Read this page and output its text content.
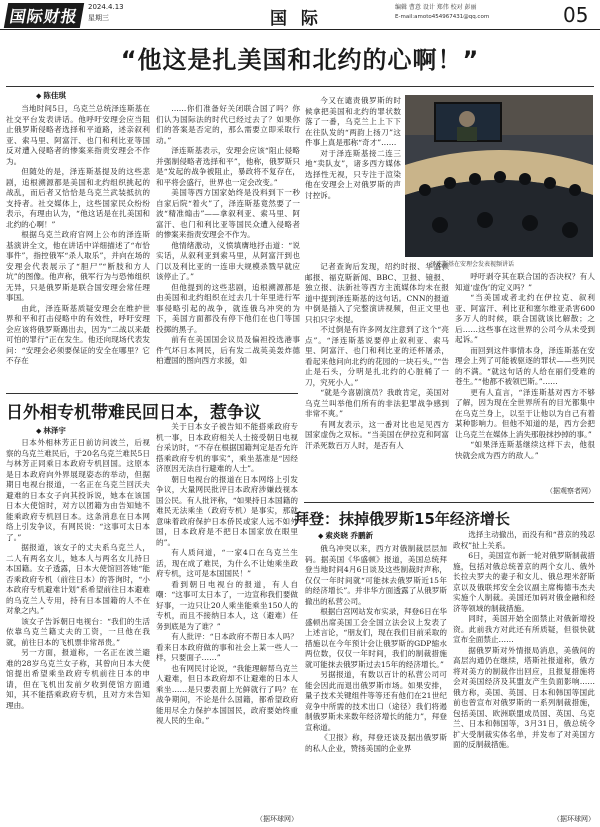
国际财报	2024.4.13
星期三	国 际
编辑 曹意 设计 郑伟 校对 彭丽
E-mail:amoto454967431@qq.com	05
“他这是扎美国和北约的心啊！”
◆ 陈佳琪

当地时间5日，乌克兰总统泽连斯基在社交平台发表讲话。他呼吁安理会应当阻止俄罗斯侵略者选择和平道路，述亲叙利亚、索马里、阿富汗、也门和利比亚等国反对遭入侵略者的惨案来指责安理会不作为。

但随处的是，泽连斯基提及的这些悲剧，追根溯源都是美国和北约组织挑起的战乱，而后者又恰恰是乌克兰武装抵抗的支持者。社交媒体上，这些国家民众纷纷表示，有理由认为，“他这话是在扎美国和北约的心啊！”

根据乌克兰政府官网上公布的泽连斯基演讲全文，他在讲话中详细描述了“布恰事件”，指控俄军“杀人取乐”，并向在场的安理会代表展示了“胆尸”“断肢和方人坑”的图像。他声称，俄军行为与恐怖组织无异，只是俄罗斯是联合国安理会常任理事国。

由此，泽连斯基质疑安理会在维护世界和平和打击侵略中的有效性，呼吁安理会应该将俄罗斯踢出去，因为“二战以来最可怕的罪行”正在发生。他还向现场代表发问：“安理会必须要保证的安全在哪里？它不存在

……你们准备好关闭联合国了吗？你们认为国际法的时代已经过去了？如果你们的答案是否定的，那么需要立即采取行动。”

泽连斯基表示，安理会应该“阻止侵略并强制侵略者选择和平”，他称，俄罗斯只是“发起的战争被阻止，暴政将不复存在，和平将会盛行，世界也一定会改变。”

美国等西方国家始终是没料到下一秒自家后院“着火”了，泽连斯基竟然要了一波“精准煽击”——拿叙利亚、索马里、阿富汗、也门和利比亚等国民众遭入侵略者的惨案来指责安理会不作为。

他情绪激动，义愤填膺地抒击道：“说实话，从叙利亚到索马里，从阿富汗到也门以及利比亚的一连串大规模杀戮早就应该停止了。”

但他提到的这些悲剧，追根溯源都是由美国和北约组织在过去几十年里进行军事侵略引起的战争，就连俄乌冲突的为下，美国方面都没有停下他们在也门等国投掷的黑子。

前有在美国国会议员及偏袒投选港事件气坏日本网民，后有发二战英美轰炸德柏遭国的图向西方求援，如

今又在谴责俄罗斯的时候拿把美国和北约的罪状数落了一番，乌克兰上上下下在往队发的“两韵上扬刀”这件事上真是那称“奇才”……

对于泽连斯基接二连三地“卖队友”，诸多西方媒体选择性无视，只专注于渲染他在安理会上对俄罗斯的声讨控诉。

记者查询后发现，绍约时报、华盛顿邮报、福克斯新闻、BBC、卫报、镜报、独立报、法新社等西方主流媒体均未在报道中提到泽连斯基的这句话。CNN的报道中倒是插入了完整演讲视频，但正文里也只扣只字未提。

不过倒是有许多网友注意到了这个“亮点”。“泽连斯基说要停止叙利亚、索马里、阿富汗、也门和利比亚的还杯屠杀，看起来他问向北约的花园的一块石头。”“告止是石头，分明是扎北约的心脏桶了一刀，究死小人。”

“就是今喜剧演员？我敢肯定，美国对乌克兰叫举他们所有的非法犯罪战争感到非常不爽。”

有网友表示，这一番对比也足见西方国家虚伪之双标。“当美国在伊拉克和阿富汗杀死数百万人时，是否有人

泽连斯基在安理会发表视频讲话

呼吁剥夺其在联合国的否决权？有人知道‘虚伪’的定义吗？”

“当美国或者北约在伊拉克、叙利亚、阿富汗、利比亚和塞尔维亚杀害600多万人的时候，联合国就该比解散；之后……这些事在这世界的公司今从未受到起诉。”

而回到这件事情本身，泽连斯基在安理会上列了可能被驱逐的罪状——些列民的不满。“就这句话的人给在丽们受难的苍生。”“他都不被领巴斯。”……

更有人直言，“泽连斯基对西方不够了解，因为现在全世界所有的目光都集中在乌克兰身上，以至于让他以为自己有着某种影响力。但他不知道的是，西方会把让乌克兰在媒体上消失那般抹抄掉的事。”

“如果泽连斯基继续这样下去，他很快就会成为西方的敌人。”

（据观察者网）
日外相专机带难民回日本，惹争议
◆ 林泽宇

日本外相林芳正日前访问波兰，后视察的乌克兰难民后，于20名乌克兰难民5日与林芳正同乘日本政府专机回国。这原本是日本政府向外界展现姿态的举动，但据期日电视台报道，一名正在乌克兰回沃夫避难的日本女子向其投诉说，她本在该国日本大使馆时，对方以团籍为由告知她不能乘政府专机回日本。这条消息在日本网络上引发争议，有网民说：“这事可太日本了。”

据报道，该女子的丈夫系乌克兰人，二人有两名女儿，她本人与两名女儿持日本国籍。女子透露，日本大使馆回答她“能否乘政府专机（前往日本）的答询时，“小本政府专机避难计划”系希望前往日本避难的乌克兰人专用，持有日本国籍的人不在对象之内。”

该女子告诉朝日电视台：“我们的生活依靠乌克兰籍丈夫的工资，一旦他在我就，前往日本的飞机票非常昂贵。”

另一方面，报道称，一名正在波兰避难的28岁乌克兰女子称，其曾向日本大使馆提出希望乘坐政府专机前往日本的申请，但在飞机出发前夕收到使馆方面通知，其不能搭乘政府专机，且对方未告知理由。

关于日本女子被告知不能搭乘政府专机一事，日本政府相关人士接受朝日电视台采访时，“不存在根据国籍判定是否允许搭乘政府专机的事实”，乘坐基准是“因经济原因无法自行避难的人士”。

朝日电视台的报道在日本网络上引发争议，大量网民批评日本政府涉嫌歧视本国公民。有人批评称，“如果持日本国籍的难民无法乘坐（政府专机）是事实，那就意味着政府保护日本侨民或家人远不如外国，日本政府是不把日本国家放在眼里的”。

有人质问道，“一家4口在乌克兰生活，现在成了难民，为什么不让她乘坐政府专机，这可是本国国民！”

看到朝日电视台的报道，有人自嘲：“这事可太日本了，一边宣称我们要做好事，一边只让20人乘坐能乘坐150人的专机，而且不接纳日本人，这（避难）任务到底是为了谁？”

有人批评：“日本政府不帮日本人吗？看来日本政府做的事和社会上某一些人一样，只要面子……”

也有网民讨论说，“我能理解帮乌克兰人避难，但日本政府却不让避难的日本人乘坐……是只要表面上光鲜就行了吗？在战争期间，不论是什么国籍，都希望政府能用尽全力保护本国国民，政府要始终重视人民的生命。”

（据环球网）
拜登：抹掉俄罗斯15年经济增长
◆ 索炎晓 乔鹏新

俄乌冲突以来，西方对俄制裁层层加码。据美国《华盛顿》报道，美国总统拜登当地时间4月6日谈及这些制裁时声称，仅仅一年时间就“可能抹去俄罗斯近15年的经济增长”。并非华方面透露了从俄罗斯撤出的私营公司。

根据白宫网站发布实录，拜登6日在华盛顿出席美国工会全国立法会议上发表了上述言论，“朋友们，现在我们目前采取的措施以在今年预计会让俄罗斯的GDP缩水两位数，仅仅一年时间，我们的制裁措施就可能抹去俄罗斯过去15年的经济增长。”

另据报道，有数以百计的私营公司可能会因此而退出俄罗斯市场。如果安排，量子技术关键组件等等还有他们在21世纪竞争中所需的技术出口（途径）我们将遏制俄罗斯未来数年经济增长的能力”，拜登宣称道。

《卫报》称，拜登还谈及据出俄罗斯的私人企业，赞扬美国的企业界

选择主动撤出，而没有和“普京的残忍政权”扯上关系。

6日，美国宣布新一轮对俄罗斯制裁措施，包括对俄总统普京的两个女儿、俄外长拉夫罗夫的妻子和女儿、俄总理米舒斯京以及俄联邦安全会议副主席梅德韦杰夫实施个人制裁。美国还加码对俄金融和经济等领域的制裁措施。

同时，美国开始全面禁止对俄新增投资。此前我方对此还有所质疑，但很快就宣布全面禁止……

据俄罗斯对外情报局消息，美俄间的高层沟通仍在继续，塔斯社报道称，俄方将对美方的制裁作出回应，且报复措施将会对美国经济及其盟友产生负面影响……俄方称，美国、英国、日本和韩国等国此前也曾宣布对俄罗斯的一系列制裁措施，包括美国、欧洲联盟成员国、英国、乌克兰、日本和韩国等，3月31日，俄总统令扩大受制裁实体名单，并发布了对美国方面的反制裁措施。

（据环球网）
